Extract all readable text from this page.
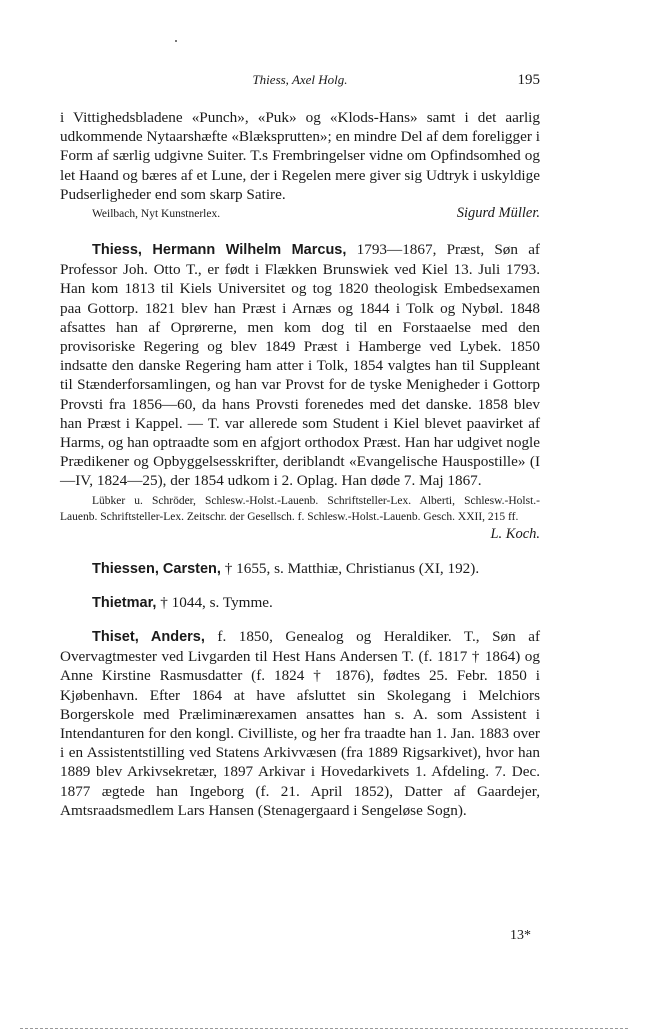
Thiess, Axel Holg.	195

i Vittighedsbladene «Punch», «Puk» og «Klods-Hans» samt i det aarlig udkommende Nytaarshæfte «Blæksprutten»; en mindre Del af dem foreligger i Form af særlig udgivne Suiter. T.s Frembringelser vidne om Opfindsomhed og let Haand og bæres af et Lune, der i Regelen mere giver sig Udtryk i uskyldige Pudserligheder end som skarp Satire.

Weilbach, Nyt Kunstnerlex.	Sigurd Müller.

Thiess, Hermann Wilhelm Marcus, 1793—1867, Præst, Søn af Professor Joh. Otto T., er født i Flækken Brunswiek ved Kiel 13. Juli 1793. Han kom 1813 til Kiels Universitet og tog 1820 theologisk Embedsexamen paa Gottorp. 1821 blev han Præst i Arnæs og 1844 i Tolk og Nybøl. 1848 afsattes han af Oprørerne, men kom dog til en Forstaaelse med den provisoriske Regering og blev 1849 Præst i Hamberge ved Lybek. 1850 indsatte den danske Regering ham atter i Tolk, 1854 valgtes han til Suppleant til Stænderforsamlingen, og han var Provst for de tyske Menigheder i Gottorp Provsti fra 1856—60, da hans Provsti forenedes med det danske. 1858 blev han Præst i Kappel. — T. var allerede som Student i Kiel blevet paavirket af Harms, og han optraadte som en afgjort orthodox Præst. Han har udgivet nogle Prædikener og Opbyggelsesskrifter, deriblandt «Evangelische Hauspostille» (I—IV, 1824—25), der 1854 udkom i 2. Oplag. Han døde 7. Maj 1867.

Lübker u. Schröder, Schlesw.-Holst.-Lauenb. Schriftsteller-Lex. Alberti, Schlesw.-Holst.-Lauenb. Schriftsteller-Lex. Zeitschr. der Gesellsch. f. Schlesw.-Holst.-Lauenb. Gesch. XXII, 215 ff.

L. Koch.

Thiessen, Carsten, † 1655, s. Matthiæ, Christianus (XI, 192).

Thietmar, † 1044, s. Tymme.

Thiset, Anders, f. 1850, Genealog og Heraldiker. T., Søn af Overvagtmester ved Livgarden til Hest Hans Andersen T. (f. 1817 † 1864) og Anne Kirstine Rasmusdatter (f. 1824 † 1876), fødtes 25. Febr. 1850 i Kjøbenhavn. Efter 1864 at have afsluttet sin Skolegang i Melchiors Borgerskole med Præliminærexamen ansattes han s. A. som Assistent i Intendanturen for den kongl. Civilliste, og her fra traadte han 1. Jan. 1883 over i en Assistentstilling ved Statens Arkivvæsen (fra 1889 Rigsarkivet), hvor han 1889 blev Arkivsekretær, 1897 Arkivar i Hovedarkivets 1. Afdeling. 7. Dec. 1877 ægtede han Ingeborg (f. 21. April 1852), Datter af Gaardejer, Amtsraadsmedlem Lars Hansen (Stenagergaard i Sengeløse Sogn).

13*
